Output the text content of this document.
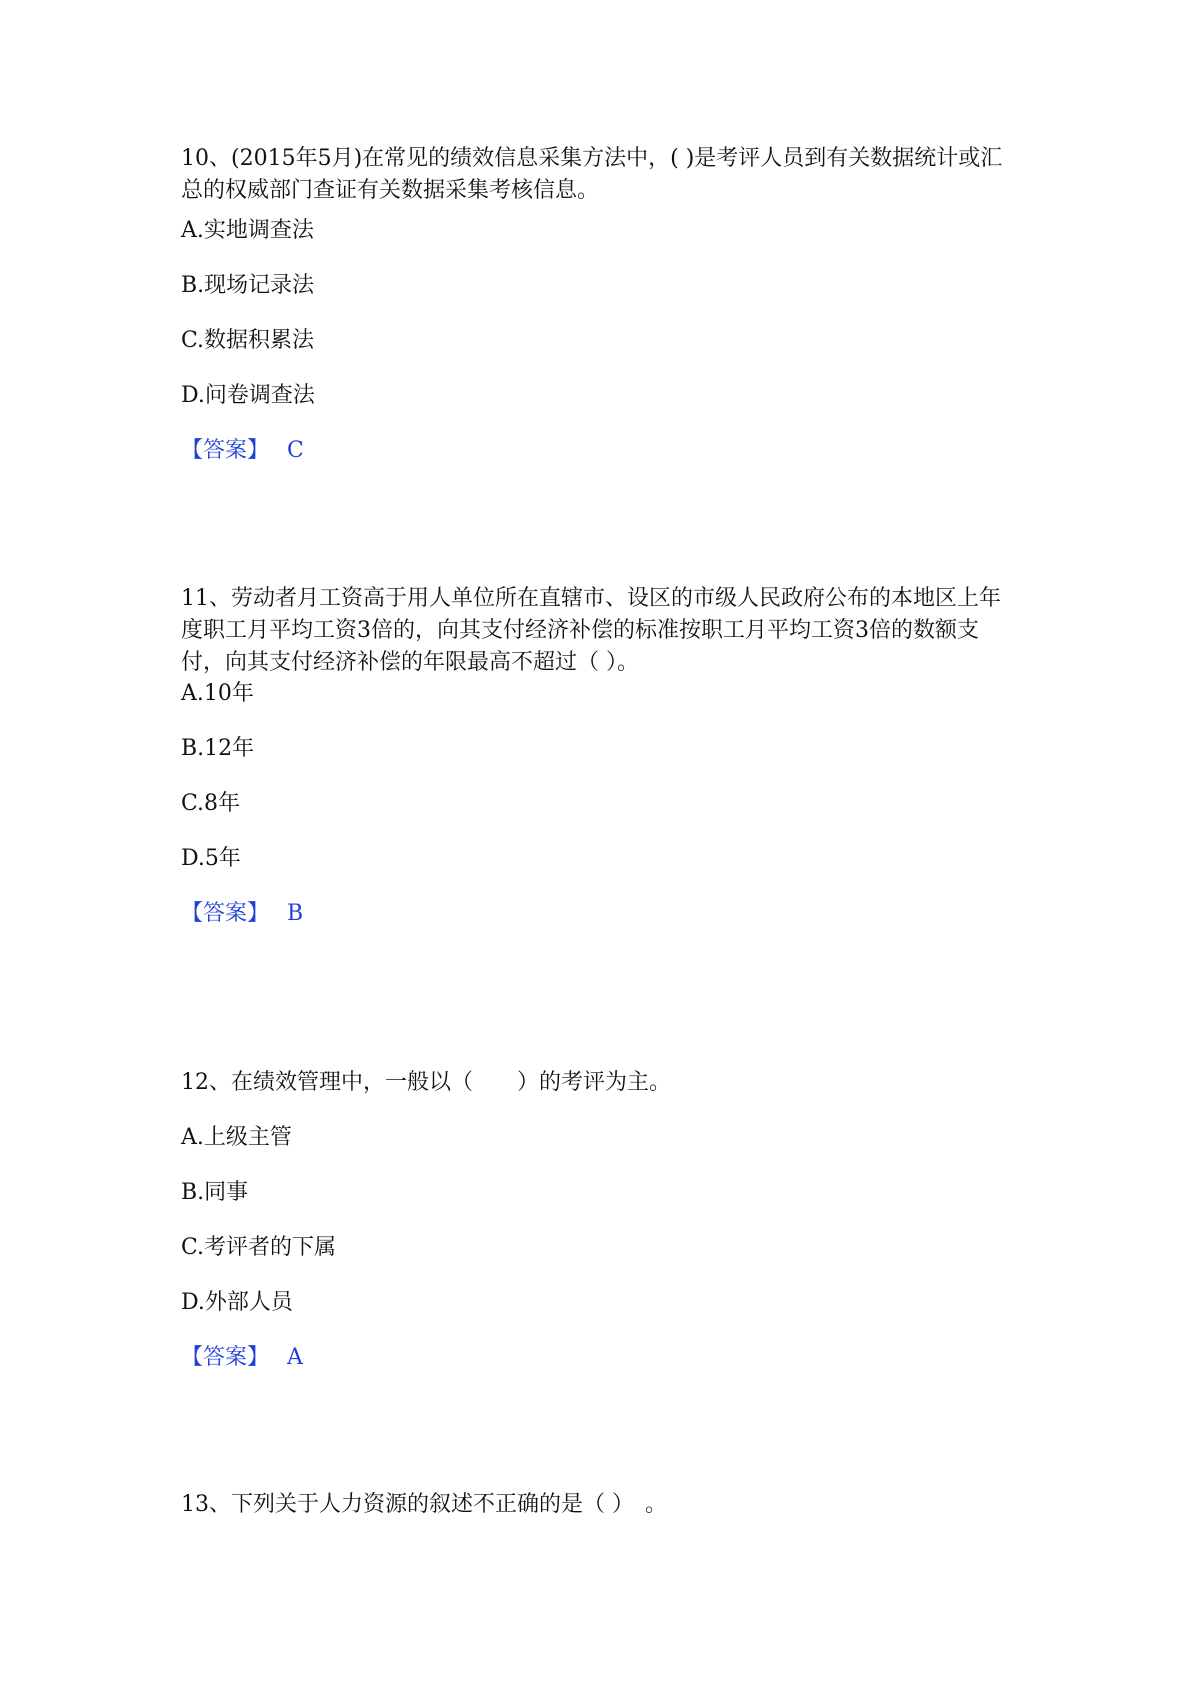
10、(2015年5月)在常见的绩效信息采集方法中，( )是考评人员到有关数据统计或汇总的权威部门查证有关数据采集考核信息。

A.实地调查法

B.现场记录法

C.数据积累法

D.问卷调查法

【答案】 C

11、劳动者月工资高于用人单位所在直辖市、设区的市级人民政府公布的本地区上年度职工月平均工资3倍的，向其支付经济补偿的标准按职工月平均工资3倍的数额支付，向其支付经济补偿的年限最高不超过（ ）。

A.10年

B.12年

C.8年

D.5年

【答案】 B

12、在绩效管理中，一般以（　　）的考评为主。

A.上级主管

B.同事

C.考评者的下属

D.外部人员

【答案】 A

13、下列关于人力资源的叙述不正确的是（ ）　。
